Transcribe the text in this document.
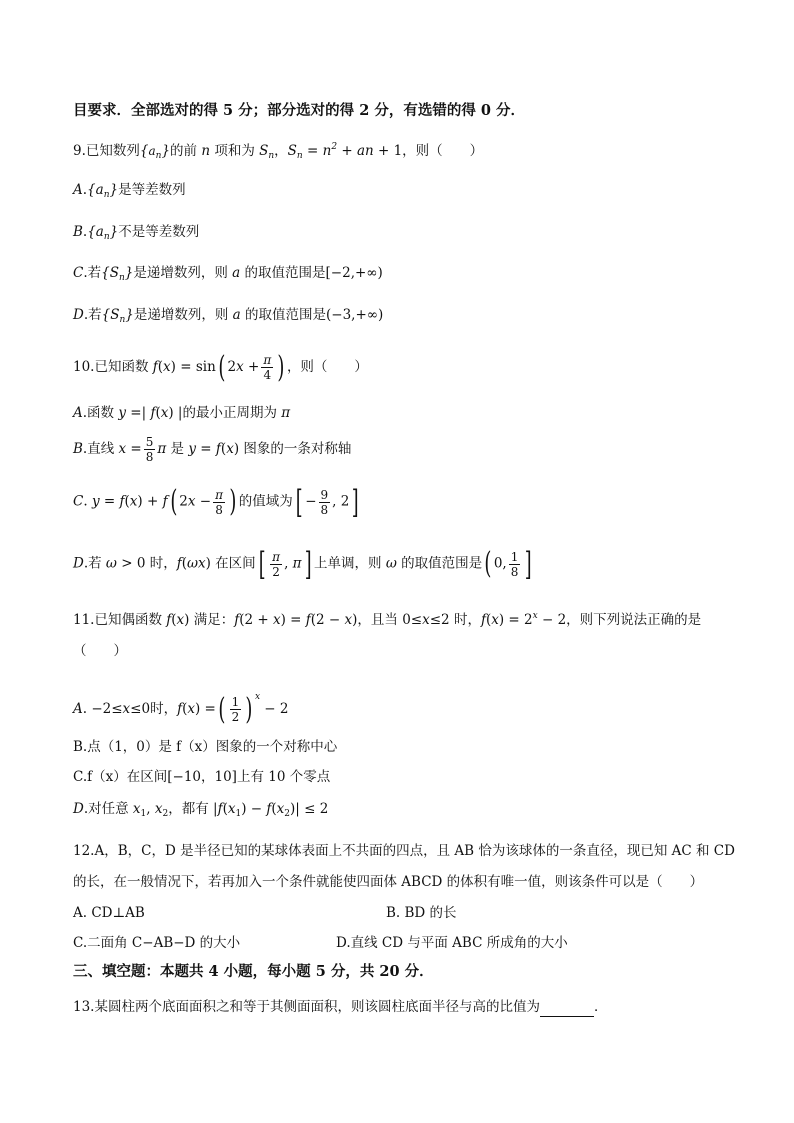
目要求．全部选对的得 5 分；部分选对的得 2 分，有选错的得 0 分．
9.已知数列$\{a_n\}$的前 n 项和为 $S_n$，$S_n = n^2$ + an + 1，则（　　）
$A.\{a_n\}$是等差数列
$B.\{a_n\}$不是等差数列
C.若$\{S_n\}$是递增数列，则 a 的取值范围是[−2,+∞)
D.若$\{S_n\}$是递增数列，则 a 的取值范围是(−3,+∞)
10.已知函数 f(x) = sin( $2x + \frac{\pi}{4}$ ) ，则（　　）
A.函数 y =| f(x) |的最小正周期为 π
B.直线 $x = \frac{5}{8}$ π 是 y = f(x) 图象的一条对称轴
C. y = f(x) + f( $2x - \frac{\pi}{8}$ ) 的值域为[ − $\frac{9}{8}$ , 2]
D.若 ω > 0 时，f(ωx) 在区间[ $\frac{\pi}{2}$ , π] 上单调，则 ω 的取值范围是( 0, $\frac{1}{8}$ ]
11.已知偶函数 f(x) 满足：f(2 + x) = f(2 − x)，且当 0≤x≤2 时，$f(x) = 2^x - 2$，则下列说法正确的是
（　　）
A. −2≤x≤0时，f(x) =( $\frac{1}{2}$ ) $^x$ − 2
B.点（1，0）是 f（x）图象的一个对称中心
C.f（x）在区间[−10，10]上有 10 个零点
D.对任意 $x_1$, $x_2$，都有 $|f(x_1) - f(x_2)| \le 2$
12.A，B，C，D 是半径已知的某球体表面上不共面的四点，且 AB 恰为该球体的一条直径，现已知 AC 和 CD
的长，在一般情况下，若再加入一个条件就能使四面体 ABCD 的体积有唯一值，则该条件可以是（　　）
A. CD⊥AB	B. BD 的长
C.二面角 C−AB−D 的大小	D.直线 CD 与平面 ABC 所成角的大小
三、填空题：本题共 4 小题，每小题 5 分，共 20 分．
13.某圆柱两个底面面积之和等于其侧面面积，则该圆柱底面半径与高的比值为	．
